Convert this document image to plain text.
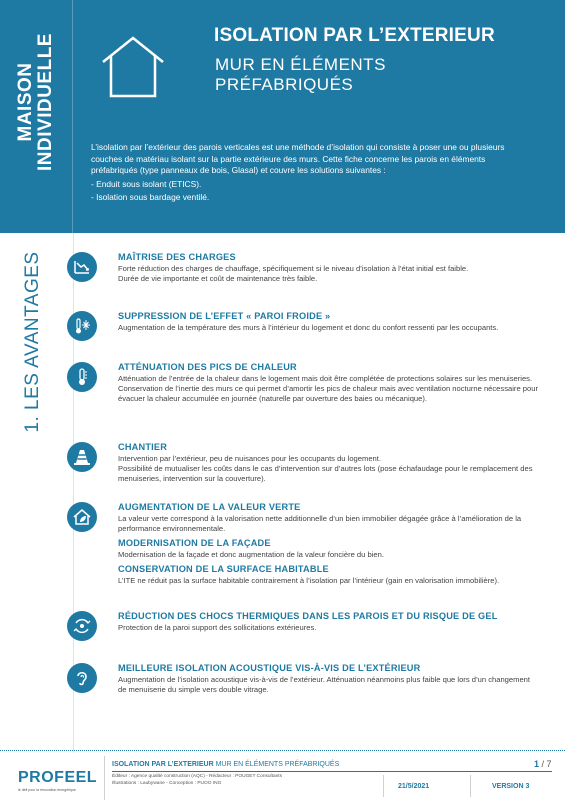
MAISON INDIVIDUELLE	ISOLATION PAR L’EXTERIEUR
MUR EN ÉLÉMENTS
PRÉFABRIQUÉS

L’isolation par l’extérieur des parois verticales est une méthode d’isolation qui consiste à poser une ou plusieurs couches de matériau isolant sur la partie extérieure des murs. Cette fiche concerne les parois en éléments préfabriqués (type panneaux de bois, Glasal) et couvre les solutions suivantes :

- Enduit sous isolant (ETICS).

- Isolation sous bardage ventilé.

1. LES AVANTAGES	MAÎTRISE DES CHARGES
Forte réduction des charges de chauffage, spécifiquement si le niveau d’isolation à l’état initial est faible.
Durée de vie importante et coût de maintenance très faible.
SUPPRESSION DE L’EFFET « PAROI FROIDE »
Augmentation de la température des murs à l’intérieur du logement et donc du confort ressenti par les occupants.
ATTÉNUATION DES PICS DE CHALEUR
Atténuation de l’entrée de la chaleur dans le logement mais doit être complétée de protections solaires sur les menuiseries.
Conservation de l’inertie des murs ce qui permet d’amortir les pics de chaleur mais avec ventilation nocturne nécessaire pour évacuer la chaleur accumulée en journée (naturelle par ouverture des baies ou mécanique).
CHANTIER
Intervention par l’extérieur, peu de nuisances pour les occupants du logement.
Possibilité de mutualiser les coûts dans le cas d’intervention sur d’autres lots (pose échafaudage pour le remplacement des menuiseries, intervention sur la couverture).
AUGMENTATION DE LA VALEUR VERTE
La valeur verte correspond à la valorisation nette additionnelle d’un bien immobilier dégagée grâce à l’amélioration de la performance environnementale.
MODERNISATION DE LA FAÇADE
Modernisation de la façade et donc augmentation de la valeur foncière du bien.
CONSERVATION DE LA SURFACE HABITABLE
L’ITE ne réduit pas la surface habitable contrairement à l’isolation par l’intérieur (gain en valorisation immobilière).
RÉDUCTION DES CHOCS THERMIQUES DANS LES PAROIS ET DU RISQUE DE GEL
Protection de la paroi support des sollicitations extérieures.
MEILLEURE ISOLATION ACOUSTIQUE VIS-À-VIS DE L’EXTÉRIEUR
Augmentation de l’isolation acoustique vis-à-vis de l’extérieur. Atténuation néanmoins plus faible que lors d’un changement de menuiserie du simple vers double vitrage.
PROFEEL
le défi pour la rénovation énergétique
ISOLATION PAR L’EXTERIEUR MUR EN ÉLÉMENTS PRÉFABRIQUÉS
Éditeur : Agence qualité construction (AQC) - Rédacteur : POUGET Consultants
Illustrations : Laubywane - Conception : PUOO ING
1 / 7
21/5/2021	VERSION 3
